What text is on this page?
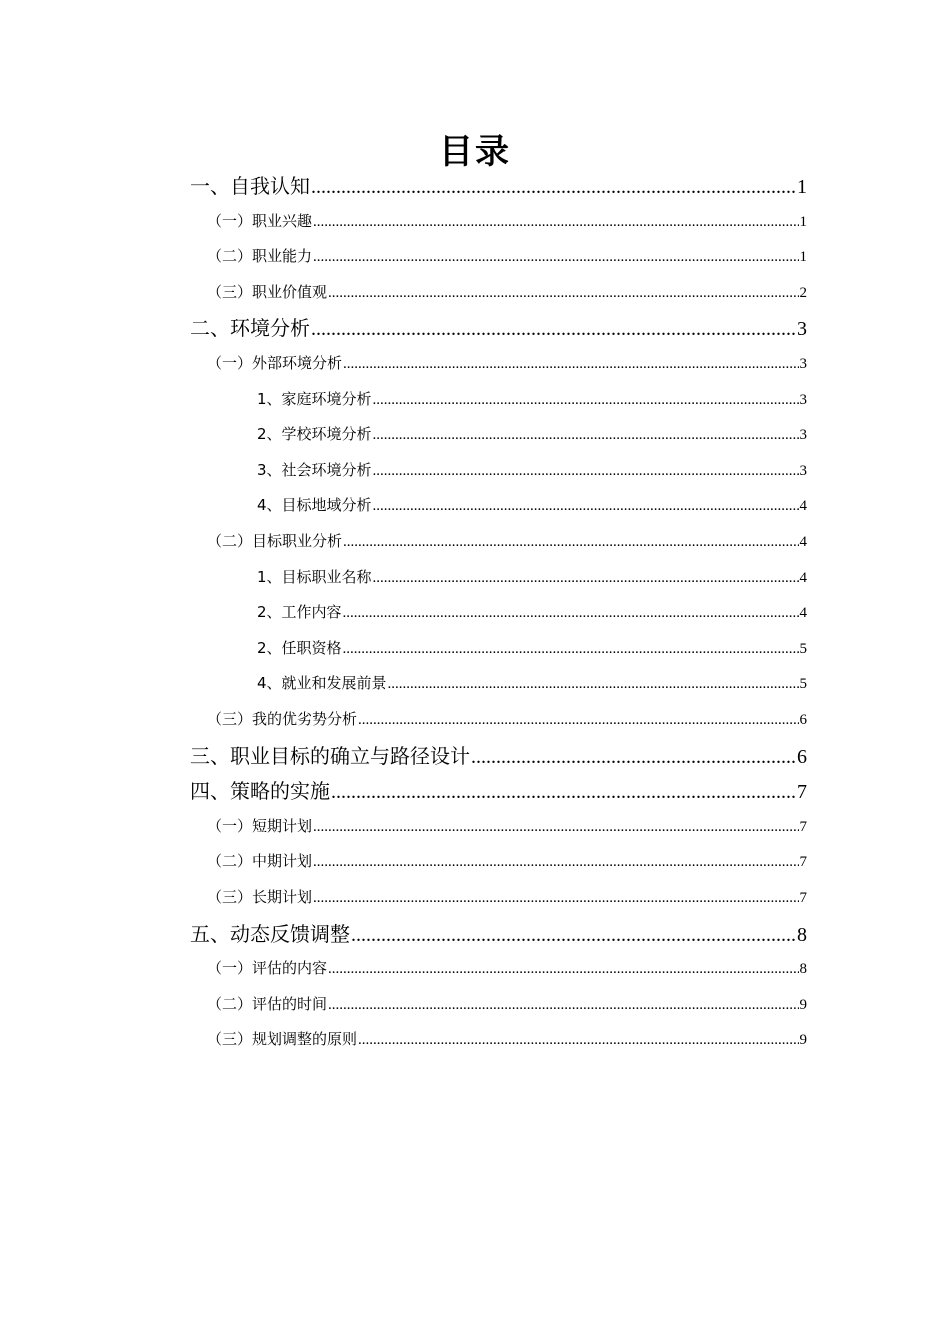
目录
一、自我认知 .....	1
（一）职业兴趣 .....	1
（二）职业能力 .....	1
（三）职业价值观 .....	2
二、环境分析 .....	3
（一）外部环境分析 .....	3
1、家庭环境分析 .....	3
2、学校环境分析 .....	3
3、社会环境分析 .....	3
4、目标地域分析 .....	4
（二）目标职业分析 .....	4
1、目标职业名称 .....	4
2、工作内容 .....	4
2、任职资格 .....	5
4、就业和发展前景 .....	5
（三）我的优劣势分析 .....	6
三、职业目标的确立与路径设计 .....	6
四、策略的实施 .....	7
（一）短期计划 .....	7
（二）中期计划 .....	7
（三）长期计划 .....	7
五、动态反馈调整 .....	8
（一）评估的内容 .....	8
（二）评估的时间 .....	9
（三）规划调整的原则 .....	9
